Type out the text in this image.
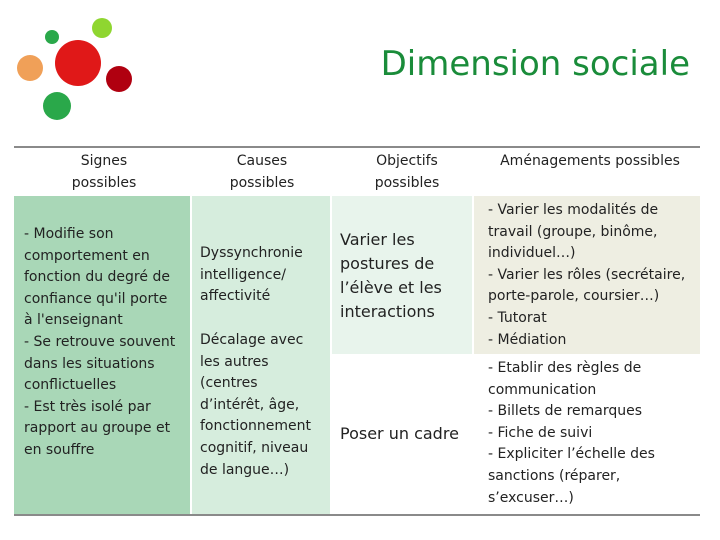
Dimension sociale
Signes
possibles
Causes
possibles
Objectifs
possibles
Aménagements possibles
- Modifie son
comportement en
fonction du degré de
confiance qu'il porte
à l'enseignant
- Se retrouve souvent
dans les situations
conflictuelles
- Est très isolé par
rapport au groupe et
en souffre
Dyssynchronie
intelligence/
affectivité
Décalage avec
les autres
(centres
d’intérêt, âge,
fonctionnement
cognitif, niveau
de langue…)
Varier les
postures de
l’élève et les
interactions
Poser un cadre
- Varier les modalités de
travail (groupe, binôme,
individuel…)
- Varier les rôles (secrétaire,
porte-parole, coursier…)
- Tutorat
- Médiation
- Etablir des règles de
communication
- Billets de remarques
- Fiche de suivi
- Expliciter l’échelle des
sanctions (réparer,
s’excuser…)
